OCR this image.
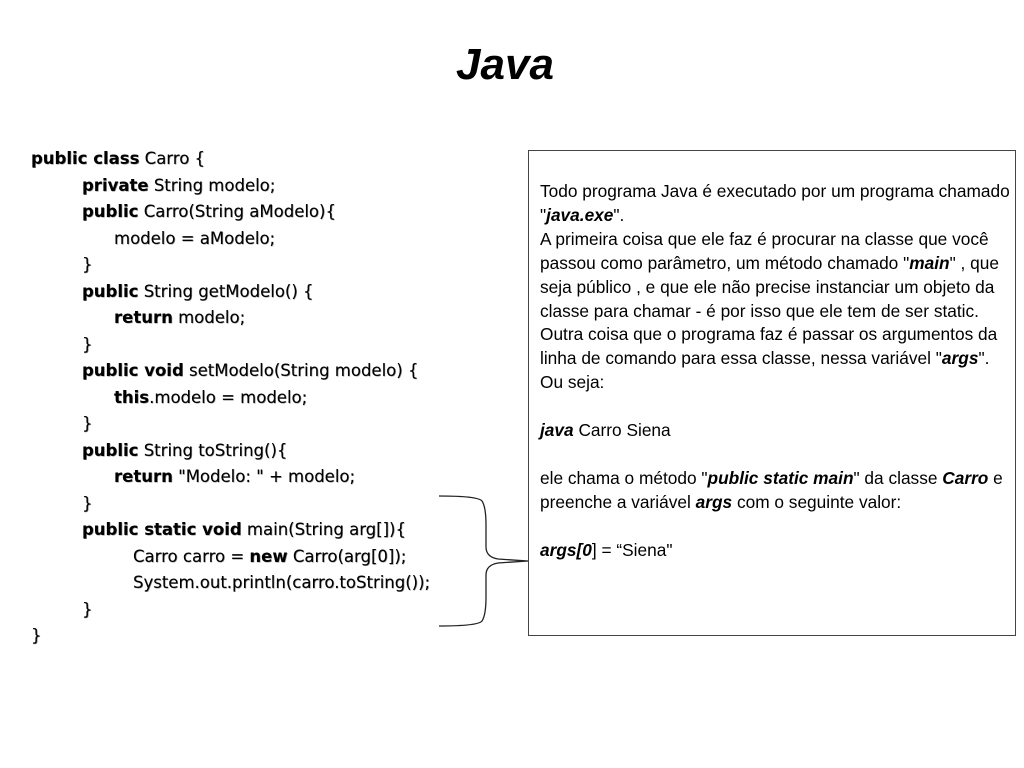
Java
public class Carro {
private String modelo;
public Carro(String aModelo){
modelo = aModelo;
}
public String getModelo() {
return modelo;
}
public void setModelo(String modelo) {
this.modelo = modelo;
}
public String toString(){
return "Modelo: " + modelo;
}
public static void main(String arg[]){
Carro carro = new Carro(arg[0]);
System.out.println(carro.toString());
}
}

Todo programa Java é executado por um programa chamado "java.exe".

A primeira coisa que ele faz é procurar na classe que você passou como parâmetro, um método chamado "main" , que seja público , e que ele não precise instanciar um objeto da classe para chamar - é por isso que ele tem de ser static. Outra coisa que o programa faz é passar os argumentos da linha de comando para essa classe, nessa variável "args".

Ou seja:

java Carro Siena

ele chama o método "public static main" da classe Carro e preenche a variável args com o seguinte valor:

args[0] = “Siena"
